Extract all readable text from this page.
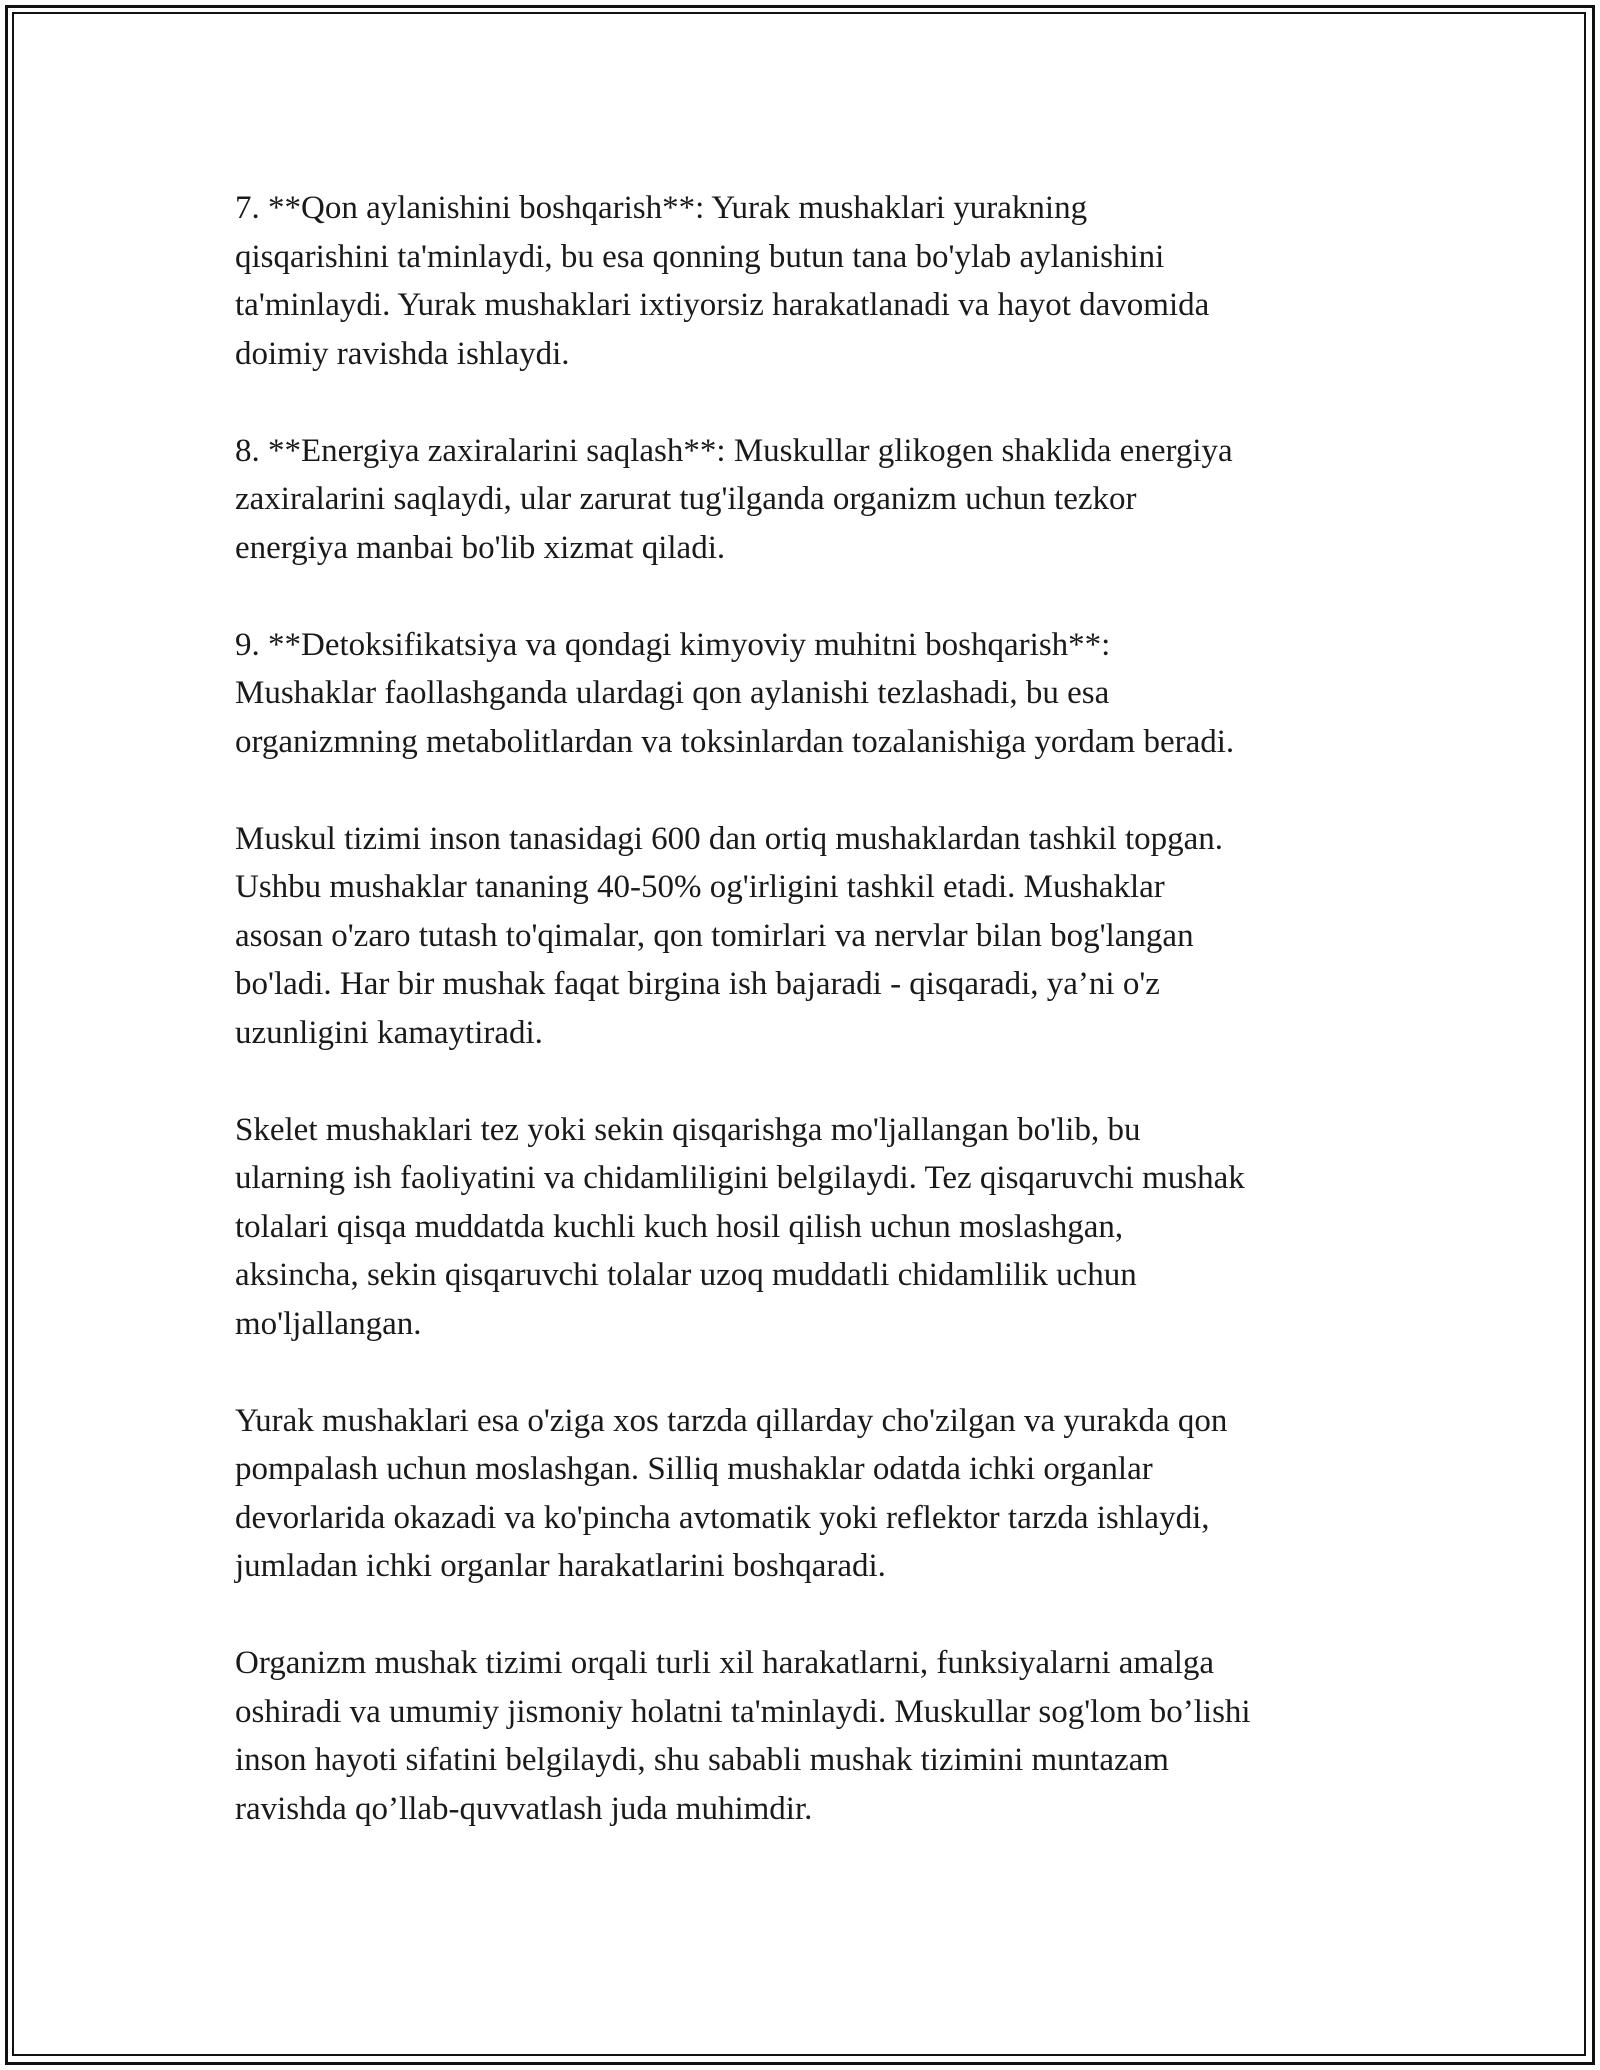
7. **Qon aylanishini boshqarish**: Yurak mushaklari yurakning
qisqarishini ta'minlaydi, bu esa qonning butun tana bo'ylab aylanishini
ta'minlaydi. Yurak mushaklari ixtiyorsiz harakatlanadi va hayot davomida
doimiy ravishda ishlaydi.

8. **Energiya zaxiralarini saqlash**: Muskullar glikogen shaklida energiya
zaxiralarini saqlaydi, ular zarurat tug'ilganda organizm uchun tezkor
energiya manbai bo'lib xizmat qiladi.

9. **Detoksifikatsiya va qondagi kimyoviy muhitni boshqarish**:
Mushaklar faollashganda ulardagi qon aylanishi tezlashadi, bu esa
organizmning metabolitlardan va toksinlardan tozalanishiga yordam beradi.

Muskul tizimi inson tanasidagi 600 dan ortiq mushaklardan tashkil topgan.
Ushbu mushaklar tananing 40-50% og'irligini tashkil etadi. Mushaklar
asosan o'zaro tutash to'qimalar, qon tomirlari va nervlar bilan bog'langan
bo'ladi. Har bir mushak faqat birgina ish bajaradi - qisqaradi, ya’ni o'z
uzunligini kamaytiradi.

Skelet mushaklari tez yoki sekin qisqarishga mo'ljallangan bo'lib, bu
ularning ish faoliyatini va chidamliligini belgilaydi. Tez qisqaruvchi mushak
tolalari qisqa muddatda kuchli kuch hosil qilish uchun moslashgan,
aksincha, sekin qisqaruvchi tolalar uzoq muddatli chidamlilik uchun
mo'ljallangan.

Yurak mushaklari esa o'ziga xos tarzda qillarday cho'zilgan va yurakda qon
pompalash uchun moslashgan. Silliq mushaklar odatda ichki organlar
devorlarida okazadi va ko'pincha avtomatik yoki reflektor tarzda ishlaydi,
jumladan ichki organlar harakatlarini boshqaradi.

Organizm mushak tizimi orqali turli xil harakatlarni, funksiyalarni amalga
oshiradi va umumiy jismoniy holatni ta'minlaydi. Muskullar sog'lom bo’lishi
inson hayoti sifatini belgilaydi, shu sababli mushak tizimini muntazam
ravishda qo’llab-quvvatlash juda muhimdir.
